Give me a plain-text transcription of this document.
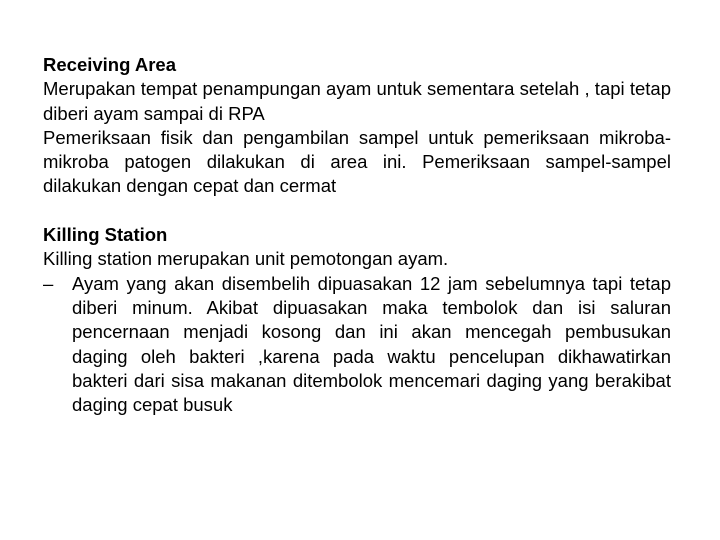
Receiving Area

Merupakan tempat penampungan ayam untuk sementara setelah , tapi tetap diberi ayam sampai di RPA

Pemeriksaan fisik dan pengambilan sampel untuk pemeriksaan mikroba-mikroba patogen dilakukan di area ini. Pemeriksaan sampel-sampel dilakukan dengan cepat dan cermat

Killing Station

Killing station merupakan unit pemotongan ayam.

– Ayam yang akan disembelih dipuasakan 12 jam sebelumnya tapi tetap diberi minum. Akibat dipuasakan maka tembolok dan isi saluran pencernaan menjadi kosong dan ini akan mencegah pembusukan daging oleh bakteri ,karena pada waktu pencelupan dikhawatirkan bakteri dari sisa makanan ditembolok mencemari daging yang berakibat daging cepat busuk
